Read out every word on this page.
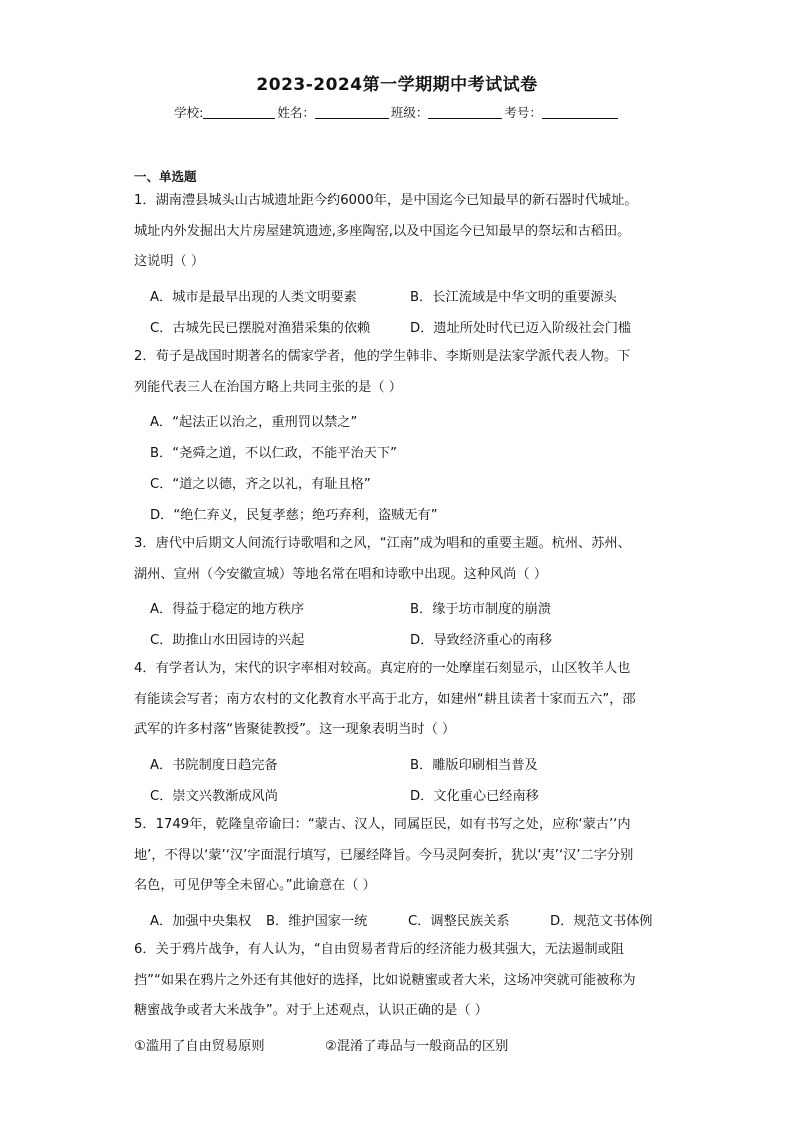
2023-2024第一学期期中考试试卷
学校:	姓名：	班级：	考号：
一、单选题
1．湖南澧县城头山古城遗址距今约6000年，是中国迄今已知最早的新石器时代城址。
城址内外发掘出大片房屋建筑遗迹,多座陶窑,以及中国迄今已知最早的祭坛和古稻田。
这说明（ ）
A．城市是最早出现的人类文明要素	B．长江流域是中华文明的重要源头
C．古城先民已摆脱对渔猎采集的依赖	D．遗址所处时代已迈入阶级社会门槛
2．荀子是战国时期著名的儒家学者，他的学生韩非、李斯则是法家学派代表人物。下
列能代表三人在治国方略上共同主张的是（ ）
A．“起法正以治之，重刑罚以禁之”
B．“尧舜之道，不以仁政，不能平治天下”
C．“道之以德，齐之以礼，有耻且格”
D．“绝仁弃义，民复孝慈；绝巧弃利，盗贼无有”
3．唐代中后期文人间流行诗歌唱和之风，“江南”成为唱和的重要主题。杭州、苏州、
湖州、宣州（今安徽宣城）等地名常在唱和诗歌中出现。这种风尚（ ）
A．得益于稳定的地方秩序	B．缘于坊市制度的崩溃
C．助推山水田园诗的兴起	D．导致经济重心的南移
4．有学者认为，宋代的识字率相对较高。真定府的一处摩崖石刻显示，山区牧羊人也
有能读会写者；南方农村的文化教育水平高于北方，如建州“耕且读者十家而五六”，邵
武军的许多村落“皆聚徒教授”。这一现象表明当时（ ）
A．书院制度日趋完备	B．雕版印刷相当普及
C．崇文兴教渐成风尚	D．文化重心已经南移
5．1749年，乾隆皇帝谕曰：“蒙古、汉人，同属臣民，如有书写之处，应称‘蒙古’‘内
地’，不得以‘蒙’‘汉’字面混行填写，已屡经降旨。今马灵阿奏折，犹以‘夷’‘汉’二字分别
名色，可见伊等全未留心。”此谕意在（ ）
A．加强中央集权 B．维护国家一统	C．调整民族关系	D．规范文书体例
6．关于鸦片战争，有人认为，“自由贸易者背后的经济能力极其强大，无法遏制或阻
挡”“如果在鸦片之外还有其他好的选择，比如说糖蜜或者大米，这场冲突就可能被称为
糖蜜战争或者大米战争”。对于上述观点，认识正确的是（ ）
①滥用了自由贸易原则	②混淆了毒品与一般商品的区别
